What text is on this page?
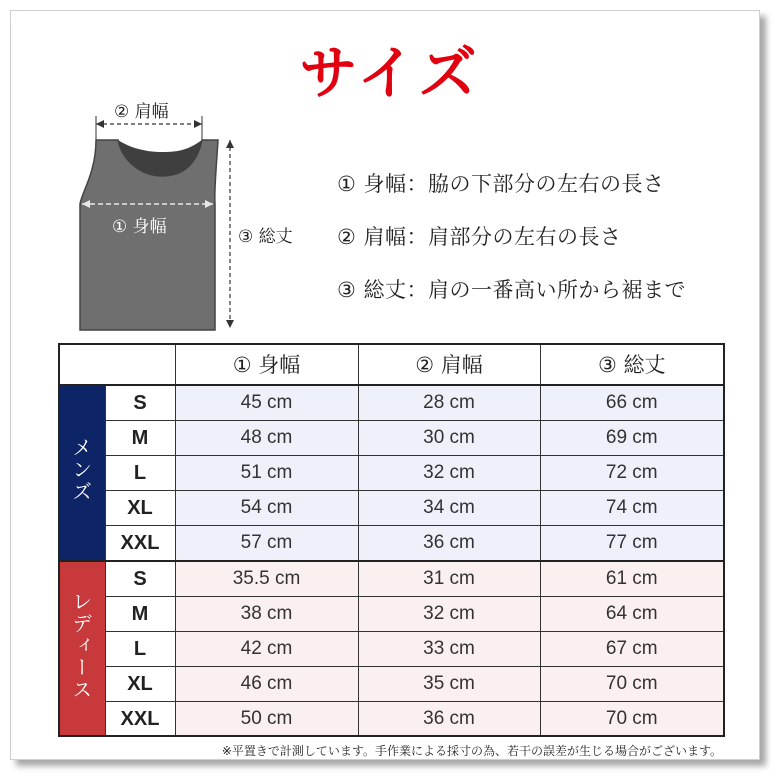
サイズ
② 肩幅
① 身幅	③ 総丈
① 身幅：脇の下部分の左右の長さ
② 肩幅：肩部分の左右の長さ
③ 総丈：肩の一番高い所から裾まで
		① 身幅	② 肩幅	③ 総丈
メンズ	S	45 cm	28 cm	66 cm
	M	48 cm	30 cm	69 cm
	L	51 cm	32 cm	72 cm
	XL	54 cm	34 cm	74 cm
	XXL	57 cm	36 cm	77 cm
レディース	S	35.5 cm	31 cm	61 cm
	M	38 cm	32 cm	64 cm
	L	42 cm	33 cm	67 cm
	XL	46 cm	35 cm	70 cm
	XXL	50 cm	36 cm	70 cm
※平置きで計測しています。手作業による採寸の為、若干の誤差が生じる場合がございます。
